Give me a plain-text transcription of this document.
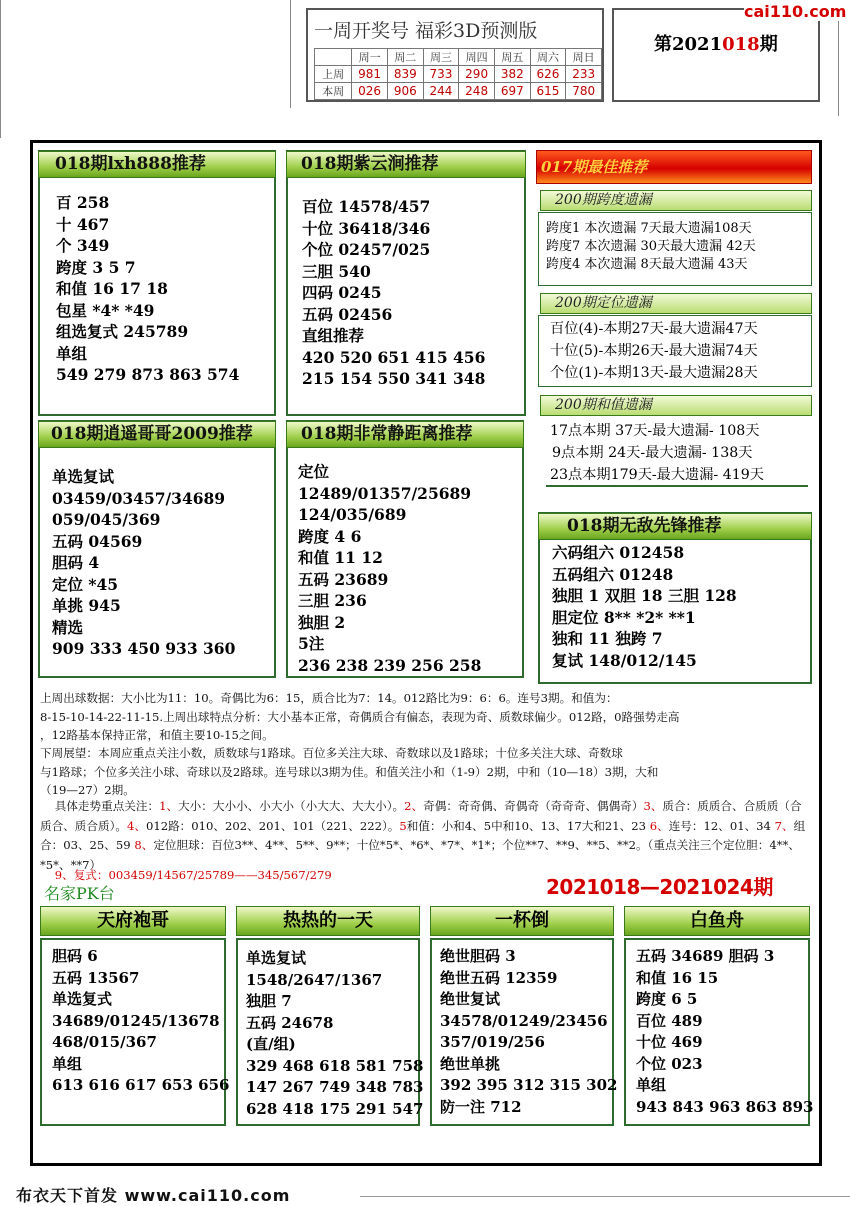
一周开奖号 福彩3D预测版
	周一	周二	周三	周四	周五	周六	周日
上周	981	839	733	290	382	626	233
本周	026	906	244	248	697	615	780
第2021018期
cai110.com
018期lxh888推荐
百 258
十 467
个 349
跨度 3 5 7
和值 16 17 18
包星 *4* *49
组选复式 245789
单组
549 279 873 863 574
018期紫云涧推荐
百位 14578/457
十位 36418/346
个位 02457/025
三胆 540
四码 0245
五码 02456
直组推荐
420 520 651 415 456
215 154 550 341 348
018期逍遥哥哥2009推荐
单选复试
03459/03457/34689
059/045/369
五码 04569
胆码 4
定位 *45
单挑 945
精选
909 333 450 933 360
018期非常静距离推荐
定位
12489/01357/25689
124/035/689
跨度 4 6
和值 11 12
五码 23689
三胆 236
独胆 2
5注
236 238 239 256 258
017期最佳推荐
200期跨度遗漏
跨度1 本次遗漏 7天最大遗漏108天
跨度7 本次遗漏 30天最大遗漏 42天
跨度4 本次遗漏 8天最大遗漏 43天
200期定位遗漏
百位(4)-本期27天-最大遗漏47天
十位(5)-本期26天-最大遗漏74天
个位(1)-本期13天-最大遗漏28天
200期和值遗漏
17点本期 37天-最大遗漏- 108天
9点本期 24天-最大遗漏- 138天
23点本期179天-最大遗漏- 419天
018期无敌先锋推荐
六码组六 012458
五码组六 01248
独胆 1 双胆 18 三胆 128
胆定位 8** *2* **1
独和 11 独跨 7
复试 148/012/145
上周出球数据：大小比为11：10。奇偶比为6：15，质合比为7：14。012路比为9：6：6。连号3期。和值为：
8-15-10-14-22-11-15.上周出球特点分析：大小基本正常，奇偶质合有偏态，表现为奇、质数球偏少。012路，0路强势走高
，12路基本保持正常，和值主要10-15之间。
下周展望：本周应重点关注小数，质数球与1路球。百位多关注大球、奇数球以及1路球；十位多关注大球、奇数球
与1路球；个位多关注小球、奇球以及2路球。连号球以3期为佳。和值关注小和（1-9）2期，中和（10—18）3期，大和
（19—27）2期。
具体走势重点关注：1、大小：大小小、小大小（小大大、大大小）。2、奇偶：奇奇偶、奇偶奇（奇奇奇、偶偶奇）3、质合：质质合、合质质（合质合、质合质）。4、012路：010、202、201、101（221、222）。5和值：小和4、5中和10、13、17大和21、23 6、连号：12、01、34 7、组合：03、25、59 8、定位胆球：百位3**、4**、5**、9**；十位*5*、*6*、*7*、*1*；个位**7、**9、**5、**2。（重点关注三个定位胆：4**、*5*、**7）
9、复式：003459/14567/25789——345/567/279
名家PK台	2021018—2021024期
天府袍哥
胆码 6
五码 13567
单选复式
34689/01245/13678
468/015/367
单组
613 616 617 653 656
热热的一天
单选复试
1548/2647/1367
独胆 7
五码 24678
(直/组)
329 468 618 581 758
147 267 749 348 783
628 418 175 291 547
一杯倒
绝世胆码 3
绝世五码 12359
绝世复试
34578/01249/23456
357/019/256
绝世单挑
392 395 312 315 302
防一注 712
白鱼舟
五码 34689 胆码 3
和值 16 15
跨度 6 5
百位 489
十位 469
个位 023
单组
943 843 963 863 893
布衣天下首发 www.cai110.com
